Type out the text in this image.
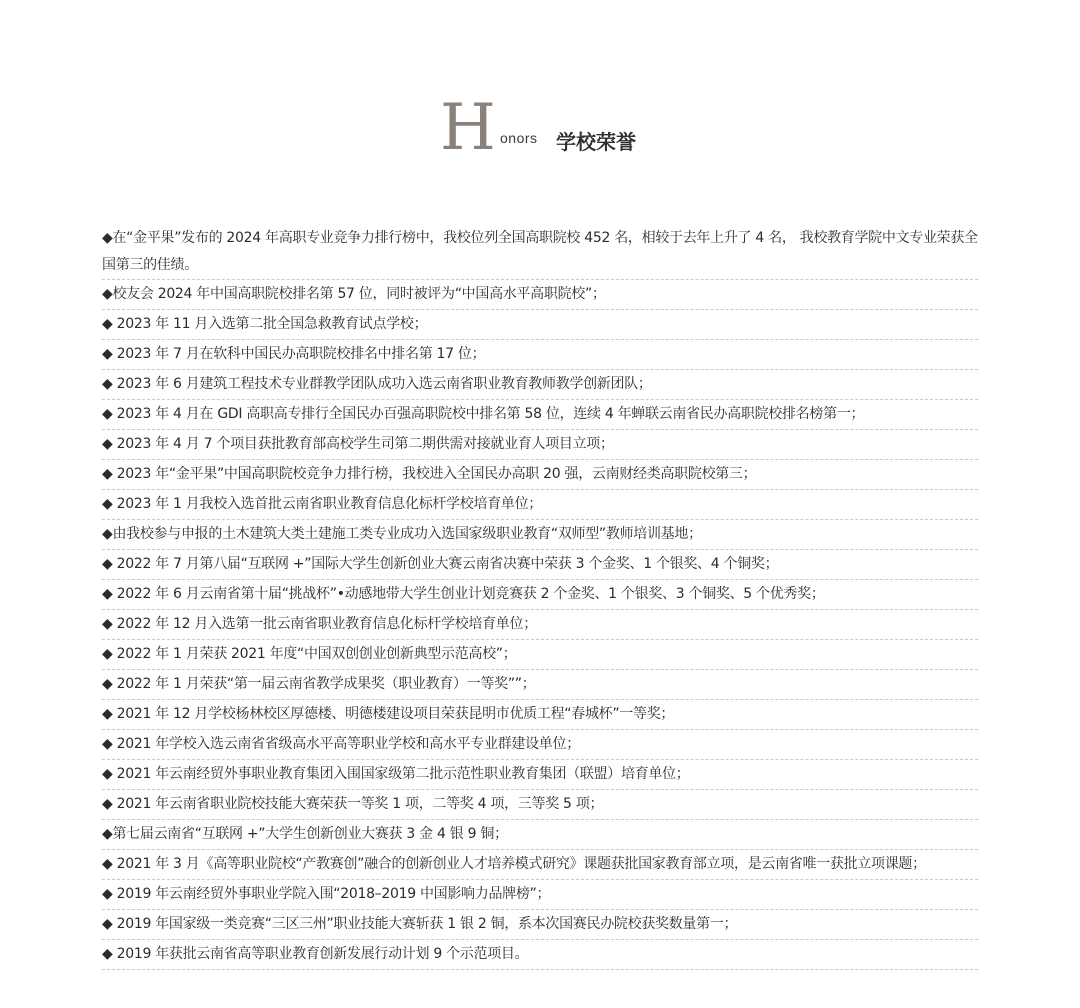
H onors 学校荣誉
◆在“金平果”发布的 2024 年高职专业竞争力排行榜中，我校位列全国高职院校 452 名，相较于去年上升了 4 名， 我校教育学院中文专业荣获全国第三的佳绩。
◆校友会 2024 年中国高职院校排名第 57 位，同时被评为“中国高水平高职院校”；
◆ 2023 年 11 月入选第二批全国急救教育试点学校；
◆ 2023 年 7 月在软科中国民办高职院校排名中排名第 17 位；
◆ 2023 年 6 月建筑工程技术专业群教学团队成功入选云南省职业教育教师教学创新团队；
◆ 2023 年 4 月在 GDI 高职高专排行全国民办百强高职院校中排名第 58 位，连续 4 年蝉联云南省民办高职院校排名榜第一；
◆ 2023 年 4 月 7 个项目获批教育部高校学生司第二期供需对接就业育人项目立项；
◆ 2023 年“金平果”中国高职院校竞争力排行榜，我校进入全国民办高职 20 强，云南财经类高职院校第三；
◆ 2023 年 1 月我校入选首批云南省职业教育信息化标杆学校培育单位；
◆由我校参与申报的土木建筑大类土建施工类专业成功入选国家级职业教育“双师型”教师培训基地；
◆ 2022 年 7 月第八届“互联网 +”国际大学生创新创业大赛云南省决赛中荣获 3 个金奖、1 个银奖、4 个铜奖；
◆ 2022 年 6 月云南省第十届“挑战杯”•动感地带大学生创业计划竞赛获 2 个金奖、1 个银奖、3 个铜奖、5 个优秀奖；
◆ 2022 年 12 月入选第一批云南省职业教育信息化标杆学校培育单位；
◆ 2022 年 1 月荣获 2021 年度“中国双创创业创新典型示范高校”；
◆ 2022 年 1 月荣获“第一届云南省教学成果奖（职业教育）一等奖””；
◆ 2021 年 12 月学校杨林校区厚德楼、明德楼建设项目荣获昆明市优质工程“春城杯”一等奖；
◆ 2021 年学校入选云南省省级高水平高等职业学校和高水平专业群建设单位；
◆ 2021 年云南经贸外事职业教育集团入围国家级第二批示范性职业教育集团（联盟）培育单位；
◆ 2021 年云南省职业院校技能大赛荣获一等奖 1 项，二等奖 4 项，三等奖 5 项；
◆第七届云南省“互联网 +”大学生创新创业大赛获 3 金 4 银 9 铜；
◆ 2021 年 3 月《高等职业院校“产教赛创”融合的创新创业人才培养模式研究》课题获批国家教育部立项，是云南省唯一获批立项课题；
◆ 2019 年云南经贸外事职业学院入围“2018–2019 中国影响力品牌榜”；
◆ 2019 年国家级一类竞赛“三区三州”职业技能大赛斩获 1 银 2 铜，系本次国赛民办院校获奖数量第一；
◆ 2019 年获批云南省高等职业教育创新发展行动计划 9 个示范项目。
